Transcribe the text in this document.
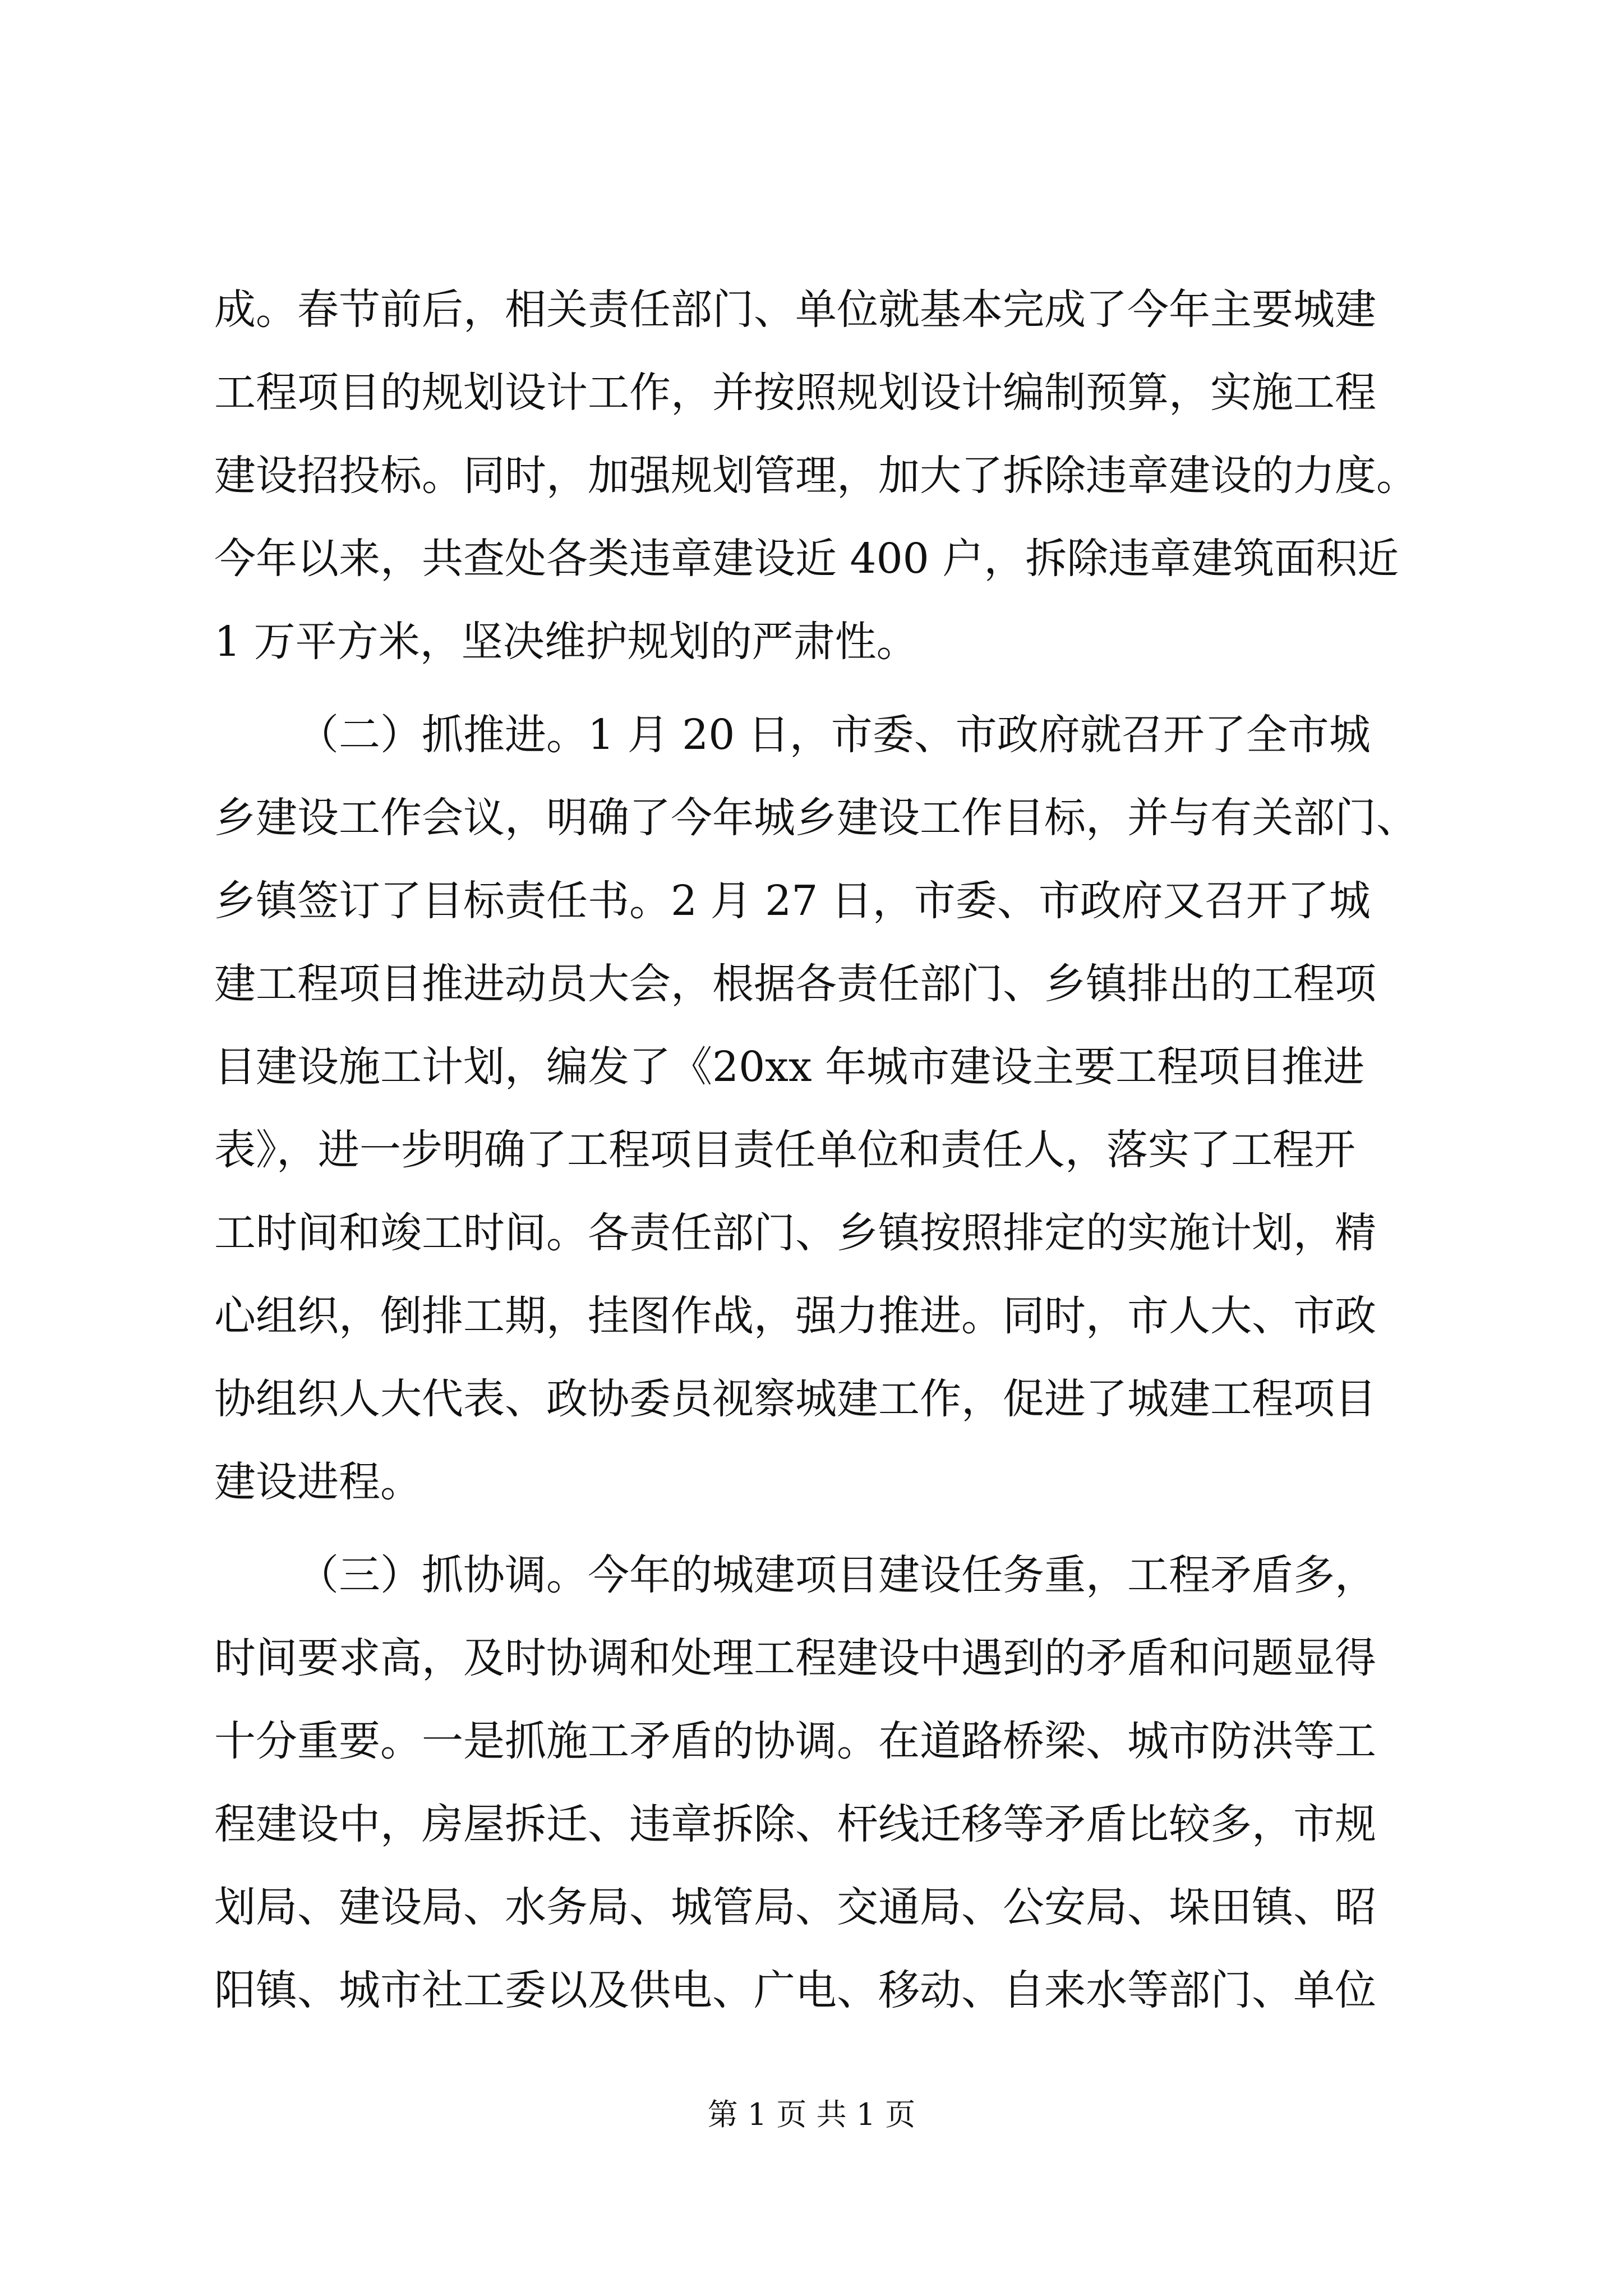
成。春节前后，相关责任部门、单位就基本完成了今年主要城建
工程项目的规划设计工作，并按照规划设计编制预算，实施工程
建设招投标。同时，加强规划管理，加大了拆除违章建设的力度。
今年以来，共查处各类违章建设近 400 户，拆除违章建筑面积近
1 万平方米，坚决维护规划的严肃性。
（二）抓推进。1 月 20 日，市委、市政府就召开了全市城
乡建设工作会议，明确了今年城乡建设工作目标，并与有关部门、
乡镇签订了目标责任书。2 月 27 日，市委、市政府又召开了城
建工程项目推进动员大会，根据各责任部门、乡镇排出的工程项
目建设施工计划，编发了《20xx 年城市建设主要工程项目推进
表》，进一步明确了工程项目责任单位和责任人，落实了工程开
工时间和竣工时间。各责任部门、乡镇按照排定的实施计划，精
心组织，倒排工期，挂图作战，强力推进。同时，市人大、市政
协组织人大代表、政协委员视察城建工作，促进了城建工程项目
建设进程。
（三）抓协调。今年的城建项目建设任务重，工程矛盾多，
时间要求高，及时协调和处理工程建设中遇到的矛盾和问题显得
十分重要。一是抓施工矛盾的协调。在道路桥梁、城市防洪等工
程建设中，房屋拆迁、违章拆除、杆线迁移等矛盾比较多，市规
划局、建设局、水务局、城管局、交通局、公安局、垛田镇、昭
阳镇、城市社工委以及供电、广电、移动、自来水等部门、单位
第 1 页 共 1 页
